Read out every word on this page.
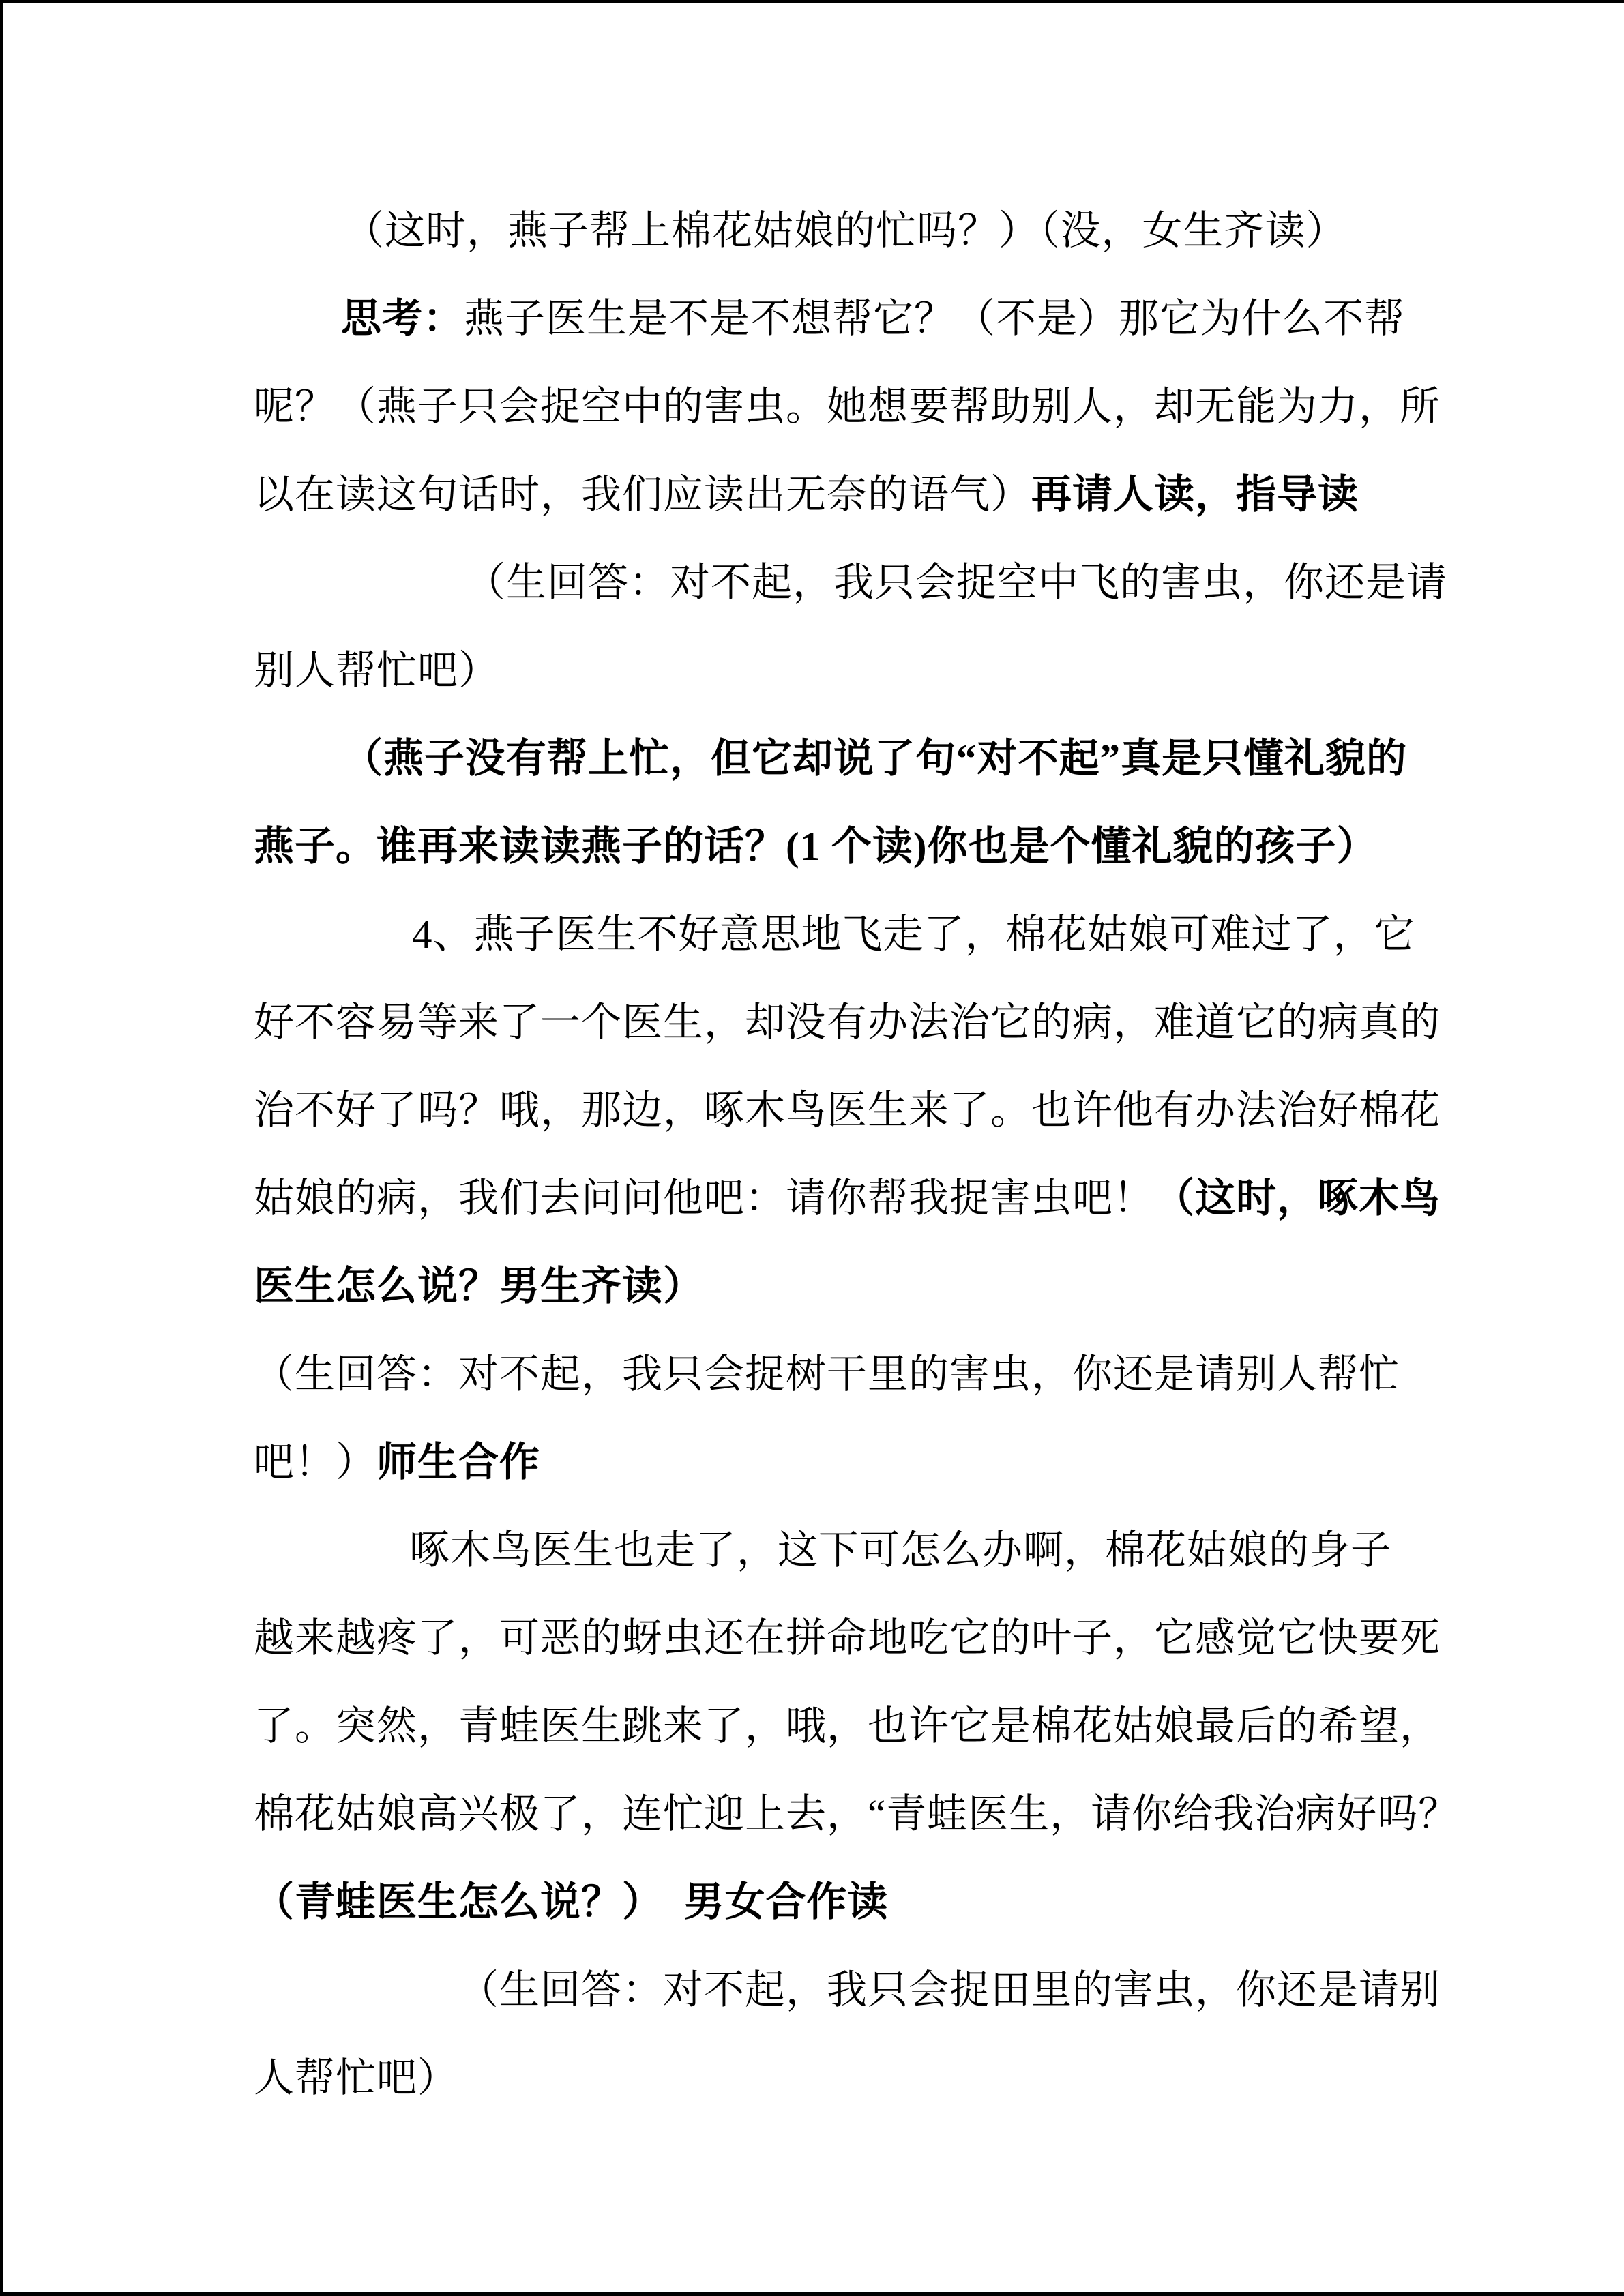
（这时，燕子帮上棉花姑娘的忙吗？）（没，女生齐读）
思考：燕子医生是不是不想帮它？（不是）那它为什么不帮
呢？（燕子只会捉空中的害虫。她想要帮助别人，却无能为力，所
以在读这句话时，我们应读出无奈的语气）再请人读，指导读
（生回答：对不起，我只会捉空中飞的害虫，你还是请
别人帮忙吧）
（燕子没有帮上忙，但它却说了句“对不起”真是只懂礼貌的
燕子。谁再来读读燕子的话？(1 个读)你也是个懂礼貌的孩子）
4、燕子医生不好意思地飞走了，棉花姑娘可难过了，它
好不容易等来了一个医生，却没有办法治它的病，难道它的病真的
治不好了吗？哦，那边，啄木鸟医生来了。也许他有办法治好棉花
姑娘的病，我们去问问他吧：请你帮我捉害虫吧！（这时，啄木鸟
医生怎么说？男生齐读）
（生回答：对不起，我只会捉树干里的害虫，你还是请别人帮忙
吧！）师生合作
啄木鸟医生也走了，这下可怎么办啊，棉花姑娘的身子
越来越疼了，可恶的蚜虫还在拼命地吃它的叶子，它感觉它快要死
了。突然，青蛙医生跳来了，哦，也许它是棉花姑娘最后的希望，
棉花姑娘高兴极了，连忙迎上去，“青蛙医生，请你给我治病好吗？
（青蛙医生怎么说？）　男女合作读
（生回答：对不起，我只会捉田里的害虫，你还是请别
人帮忙吧）
